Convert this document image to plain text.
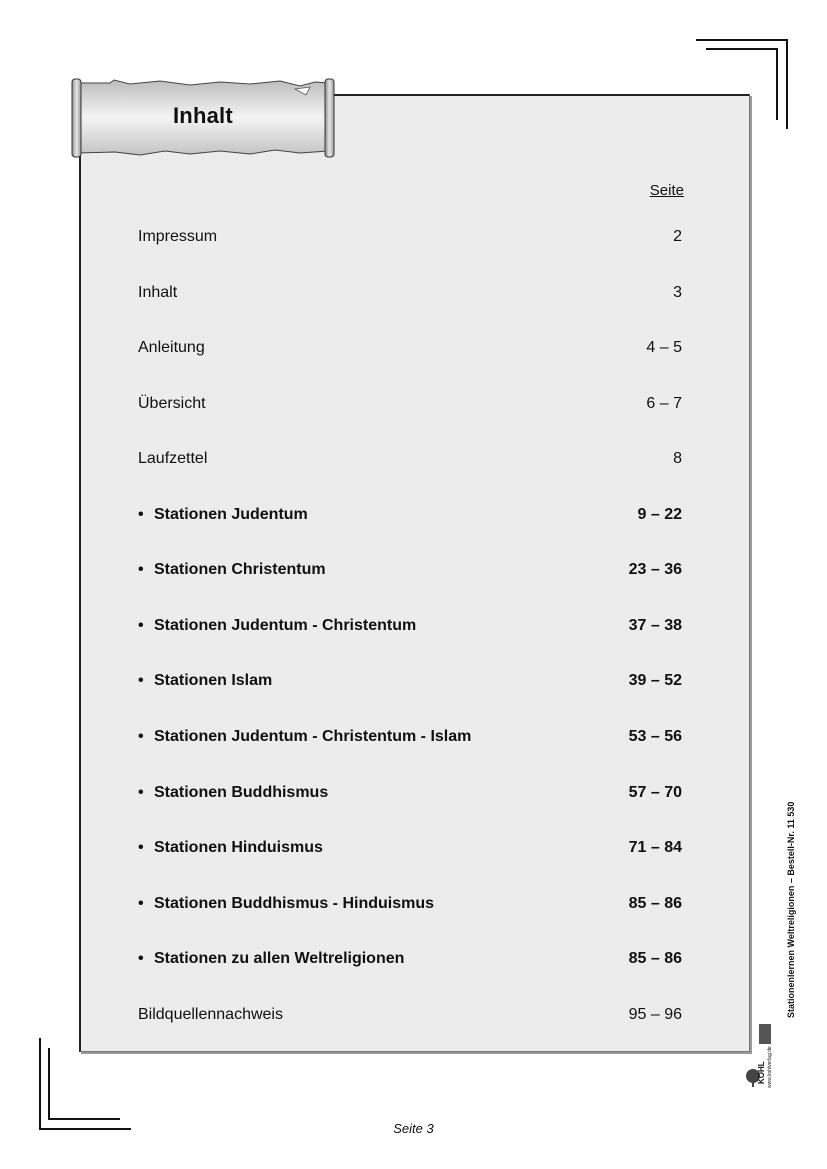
Inhalt
Seite
Impressum	2
Inhalt	3
Anleitung	4 – 5
Übersicht	6 – 7
Laufzettel	8
• Stationen Judentum	9 – 22
• Stationen Christentum	23 – 36
• Stationen Judentum - Christentum	37 – 38
• Stationen Islam	39 – 52
• Stationen Judentum - Christentum - Islam	53 – 56
• Stationen Buddhismus	57 – 70
• Stationen Hinduismus	71 – 84
• Stationen Buddhismus - Hinduismus	85 – 86
• Stationen zu allen Weltreligionen	85 – 86
Bildquellennachweis	95 – 96
KOHL www.kohlverlag.de
Stationenlernen Weltreligionen – Bestell-Nr. 11 530
Seite 3
